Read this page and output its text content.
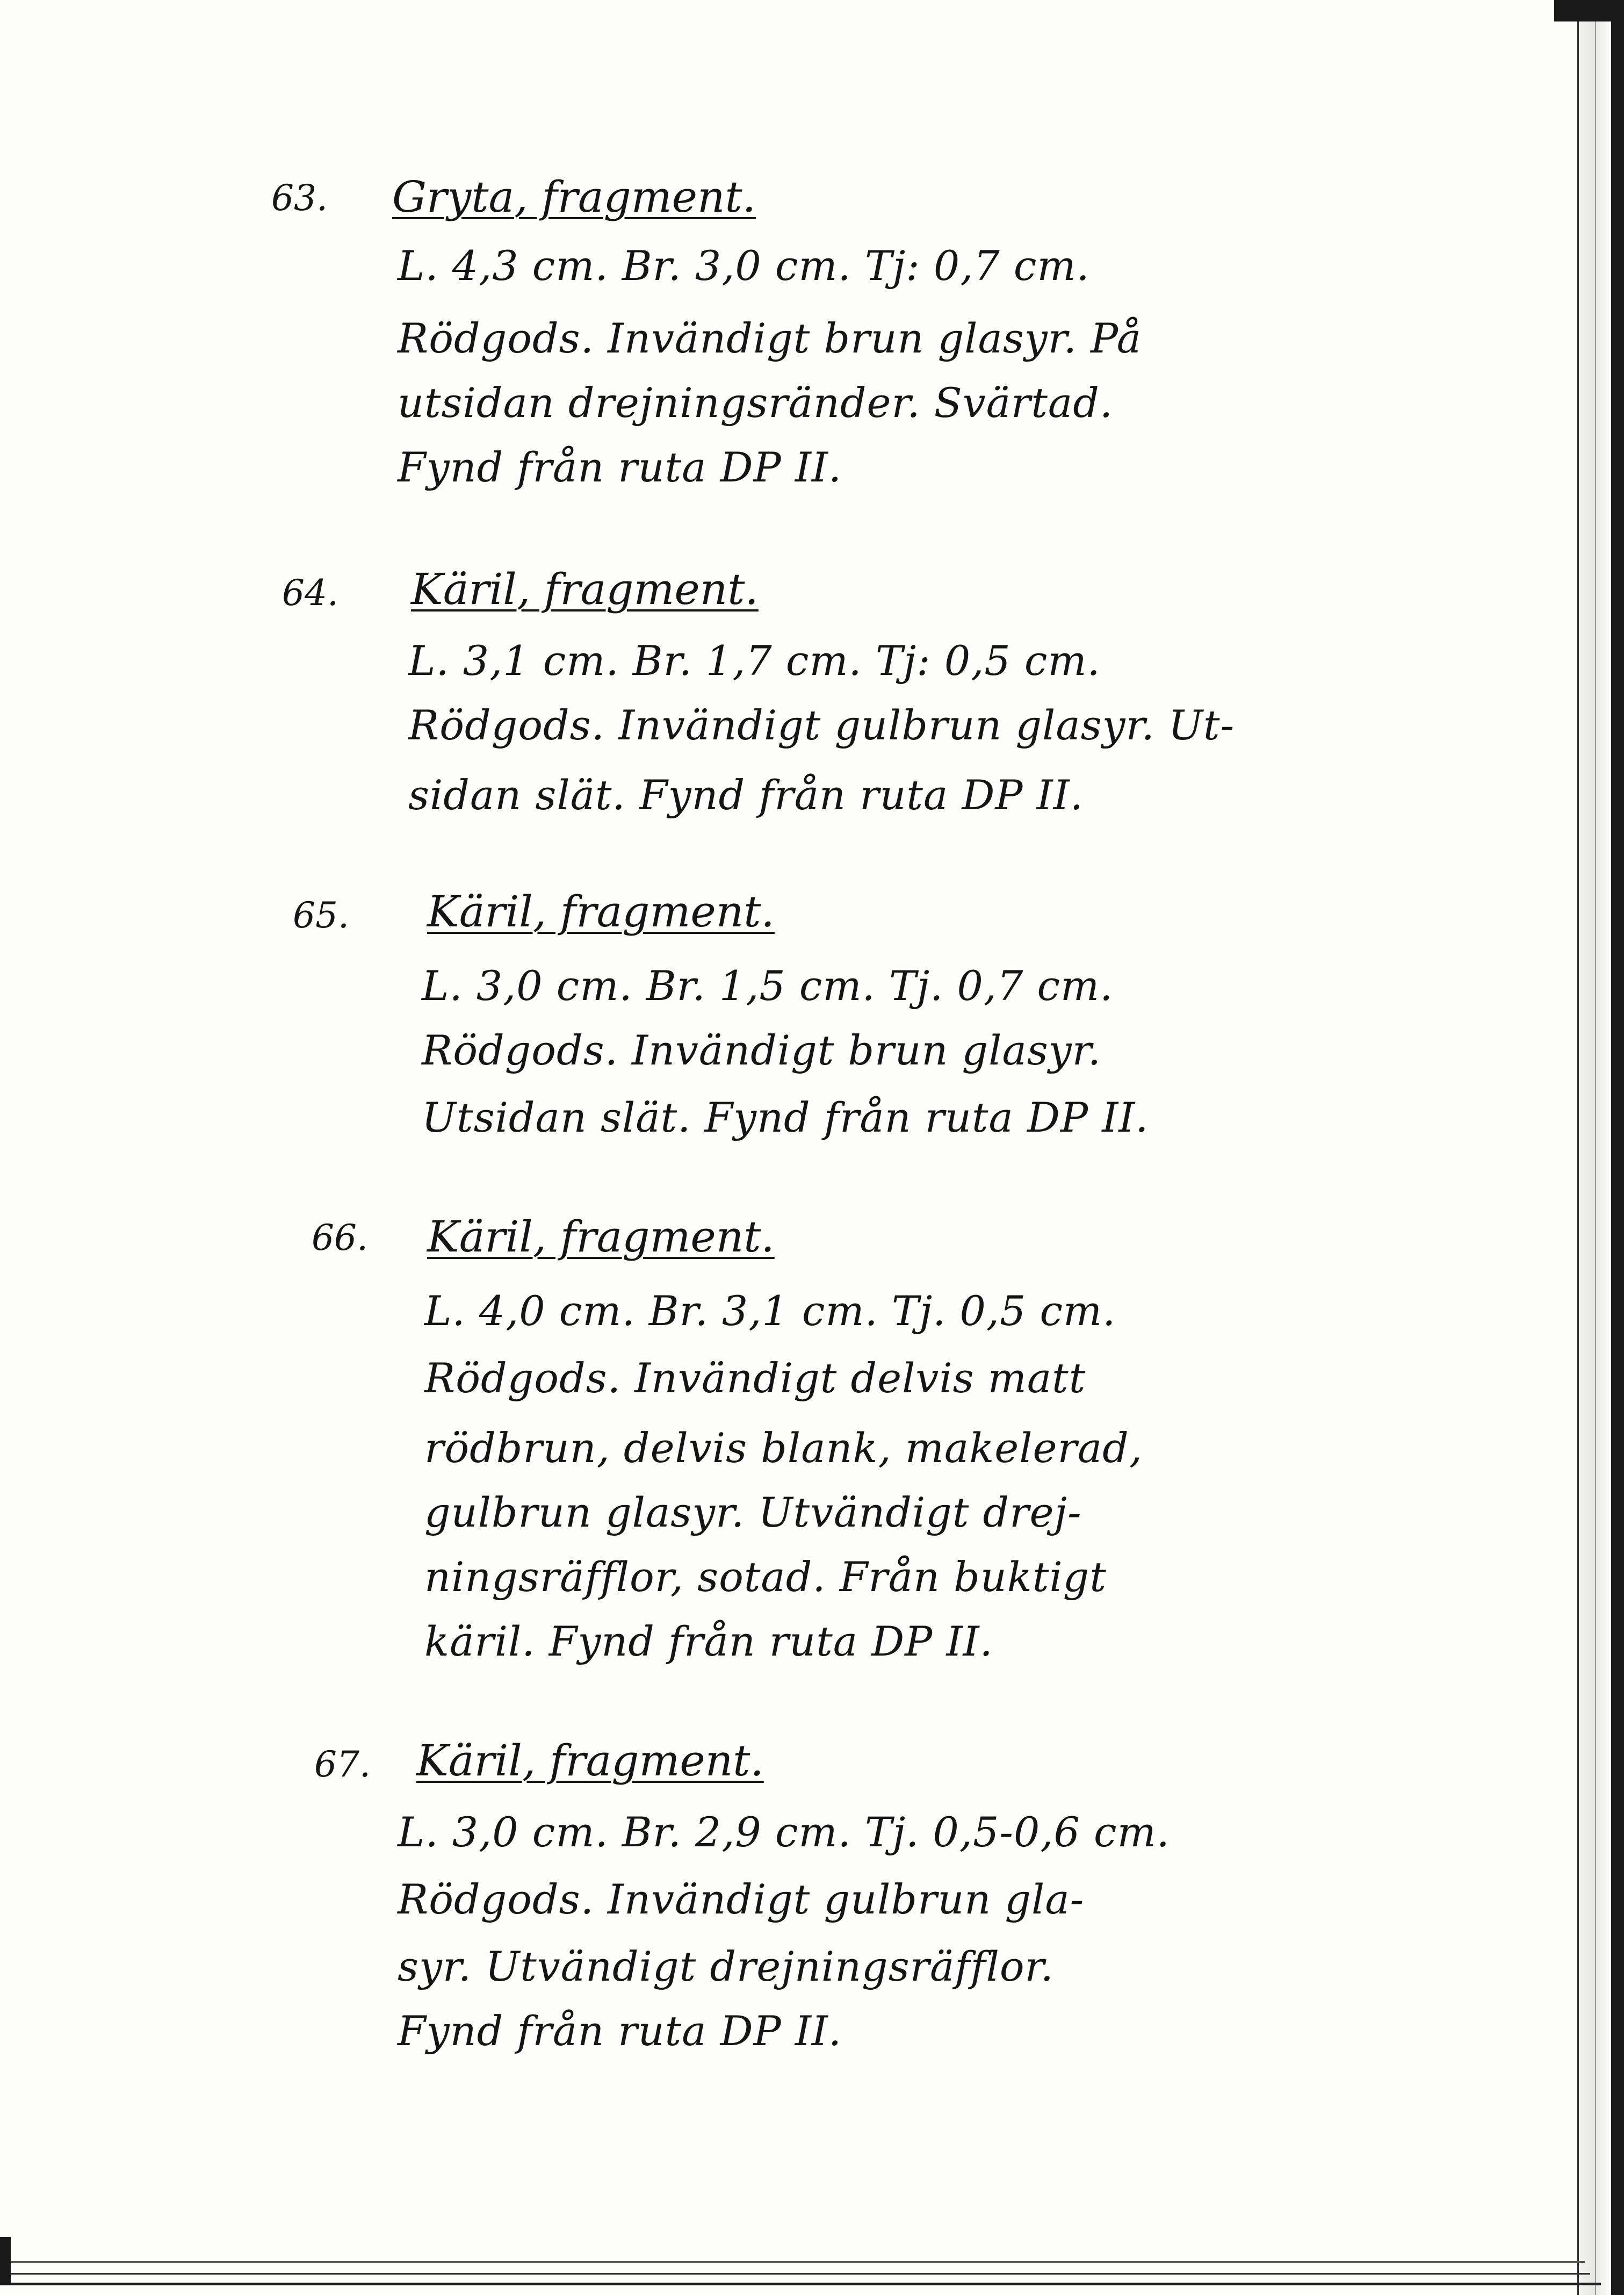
63. Gryta, fragment.
L. 4,3 cm. Br. 3,0 cm. Tj: 0,7 cm.
Rödgods. Invändigt brun glasyr. På
utsidan drejningsränder. Svärtad.
Fynd från ruta DP II.
64. Käril, fragment.
L. 3,1 cm. Br. 1,7 cm. Tj: 0,5 cm.
Rödgods. Invändigt gulbrun glasyr. Ut-
sidan slät. Fynd från ruta DP II.
65. Käril, fragment.
L. 3,0 cm. Br. 1,5 cm. Tj. 0,7 cm.
Rödgods. Invändigt brun glasyr.
Utsidan slät. Fynd från ruta DP II.
66. Käril, fragment.
L. 4,0 cm. Br. 3,1 cm. Tj. 0,5 cm.
Rödgods. Invändigt delvis matt
rödbrun, delvis blank, makelerad,
gulbrun glasyr. Utvändigt drej-
ningsräfflor, sotad. Från buktigt
käril. Fynd från ruta DP II.
67. Käril, fragment.
L. 3,0 cm. Br. 2,9 cm. Tj. 0,5-0,6 cm.
Rödgods. Invändigt gulbrun gla-
syr. Utvändigt drejningsräfflor.
Fynd från ruta DP II.
